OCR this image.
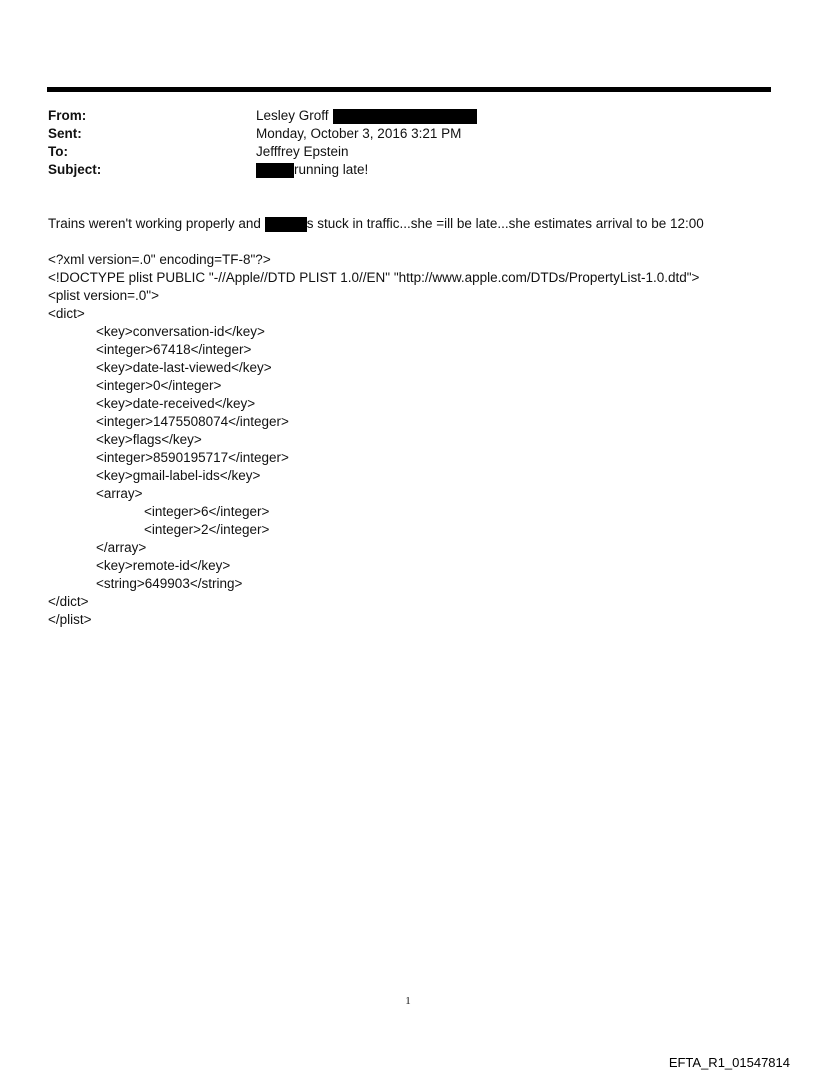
From:	Lesley Groff
Sent:	Monday, October 3, 2016 3:21 PM
To:	Jefffrey Epstein
Subject:	running late!
Trains weren't working properly and	s stuck in traffic...she =ill be late...she estimates arrival to be 12:00
<?xml version=.0" encoding=TF-8"?>
<!DOCTYPE plist PUBLIC "-//Apple//DTD PLIST 1.0//EN" "http://www.apple.com/DTDs/PropertyList-1.0.dtd">
<plist version=.0">
<dict>
<key>conversation-id</key>
<integer>67418</integer>
<key>date-last-viewed</key>
<integer>0</integer>
<key>date-received</key>
<integer>1475508074</integer>
<key>flags</key>
<integer>8590195717</integer>
<key>gmail-label-ids</key>
<array>
<integer>6</integer>
<integer>2</integer>
</array>
<key>remote-id</key>
<string>649903</string>
</dict>
</plist>
1
EFTA_R1_01547814
